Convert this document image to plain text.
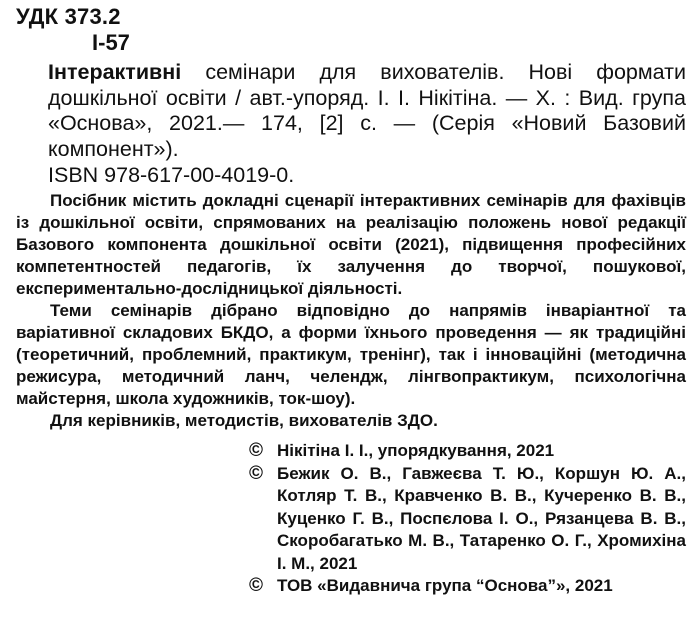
УДК 373.2
І-57
Інтерактивні семінари для вихователів. Нові формати дошкільної освіти / авт.-упоряд. І. І. Нікітіна. — Х. : Вид. група «Основа», 2021.— 174, [2] с. — (Серія «Новий Базовий компонент»).
ISBN 978-617-00-4019-0.

Посібник містить докладні сценарії інтерактивних семінарів для фахівців із дошкільної освіти, спрямованих на реалізацію положень нової редакції Базового компонента дошкільної освіти (2021), підвищення професійних компетентностей педагогів, їх залучення до творчої, пошукової, експериментально-дослідницької діяльності.

Теми семінарів дібрано відповідно до напрямів інваріантної та варіативної складових БКДО, а форми їхнього проведення — як традиційні (теоретичний, проблемний, практикум, тренінг), так і інноваційні (методична режисура, методичний ланч, челендж, лінгвопрактикум, психологічна майстерня, школа художників, ток-шоу).

Для керівників, методистів, вихователів ЗДО.

© Нікітіна І. І., упорядкування, 2021
© Бежик О. В., Гавжеєва Т. Ю., Коршун Ю. А., Котляр Т. В., Кравченко В. В., Кучеренко В. В., Куценко Г. В., Поспєлова І. О., Рязанцева В. В., Скоробагатько М. В., Татаренко О. Г., Хромихіна І. М., 2021
© ТОВ «Видавнича група “Основа”», 2021
